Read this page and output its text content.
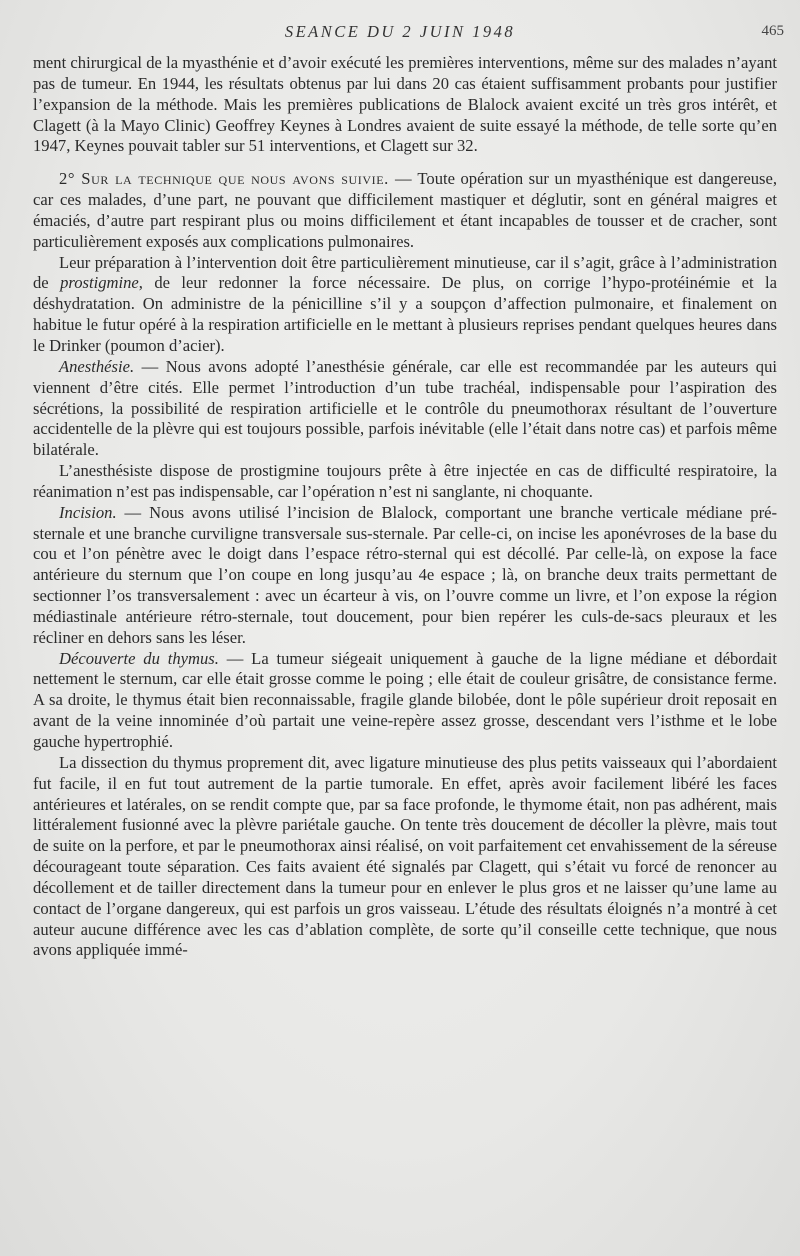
SEANCE DU 2 JUIN 1948	465

ment chirurgical de la myasthénie et d’avoir exécuté les premières interventions, même sur des malades n’ayant pas de tumeur. En 1944, les résultats obtenus par lui dans 20 cas étaient suffisamment probants pour justifier l’expansion de la méthode. Mais les premières publications de Blalock avaient excité un très gros intérêt, et Clagett (à la Mayo Clinic) Geoffrey Keynes à Londres avaient de suite essayé la méthode, de telle sorte qu’en 1947, Keynes pouvait tabler sur 51 interventions, et Clagett sur 32.

2° Sur la technique que nous avons suivie. — Toute opération sur un myasthénique est dangereuse, car ces malades, d’une part, ne pouvant que difficilement mastiquer et déglutir, sont en général maigres et émaciés, d’autre part respirant plus ou moins difficilement et étant incapables de tousser et de cracher, sont particulièrement exposés aux complications pulmonaires.

Leur préparation à l’intervention doit être particulièrement minutieuse, car il s’agit, grâce à l’administration de prostigmine, de leur redonner la force nécessaire. De plus, on corrige l’hypo-protéinémie et la déshydratation. On administre de la pénicilline s’il y a soupçon d’affection pulmonaire, et finalement on habitue le futur opéré à la respiration artificielle en le mettant à plusieurs reprises pendant quelques heures dans le Drinker (poumon d’acier).

Anesthésie. — Nous avons adopté l’anesthésie générale, car elle est recommandée par les auteurs qui viennent d’être cités. Elle permet l’introduction d’un tube trachéal, indispensable pour l’aspiration des sécrétions, la possibilité de respiration artificielle et le contrôle du pneumothorax résultant de l’ouverture accidentelle de la plèvre qui est toujours possible, parfois inévitable (elle l’était dans notre cas) et parfois même bilatérale.

L’anesthésiste dispose de prostigmine toujours prête à être injectée en cas de difficulté respiratoire, la réanimation n’est pas indispensable, car l’opération n’est ni sanglante, ni choquante.

Incision. — Nous avons utilisé l’incision de Blalock, comportant une branche verticale médiane pré-sternale et une branche curviligne transversale sus-sternale. Par celle-ci, on incise les aponévroses de la base du cou et l’on pénètre avec le doigt dans l’espace rétro-sternal qui est décollé. Par celle-là, on expose la face antérieure du sternum que l’on coupe en long jusqu’au 4e espace ; là, on branche deux traits permettant de sectionner l’os transversalement : avec un écarteur à vis, on l’ouvre comme un livre, et l’on expose la région médiastinale antérieure rétro-sternale, tout doucement, pour bien repérer les culs-de-sacs pleuraux et les récliner en dehors sans les léser.

Découverte du thymus. — La tumeur siégeait uniquement à gauche de la ligne médiane et débordait nettement le sternum, car elle était grosse comme le poing ; elle était de couleur grisâtre, de consistance ferme. A sa droite, le thymus était bien reconnaissable, fragile glande bilobée, dont le pôle supérieur droit reposait en avant de la veine innominée d’où partait une veine-repère assez grosse, descendant vers l’isthme et le lobe gauche hypertrophié.

La dissection du thymus proprement dit, avec ligature minutieuse des plus petits vaisseaux qui l’abordaient fut facile, il en fut tout autrement de la partie tumorale. En effet, après avoir facilement libéré les faces antérieures et latérales, on se rendit compte que, par sa face profonde, le thymome était, non pas adhérent, mais littéralement fusionné avec la plèvre pariétale gauche. On tente très doucement de décoller la plèvre, mais tout de suite on la perfore, et par le pneumothorax ainsi réalisé, on voit parfaitement cet envahissement de la séreuse décourageant toute séparation. Ces faits avaient été signalés par Clagett, qui s’était vu forcé de renoncer au décollement et de tailler directement dans la tumeur pour en enlever le plus gros et ne laisser qu’une lame au contact de l’organe dangereux, qui est parfois un gros vaisseau. L’étude des résultats éloignés n’a montré à cet auteur aucune différence avec les cas d’ablation complète, de sorte qu’il conseille cette technique, que nous avons appliquée immé-
